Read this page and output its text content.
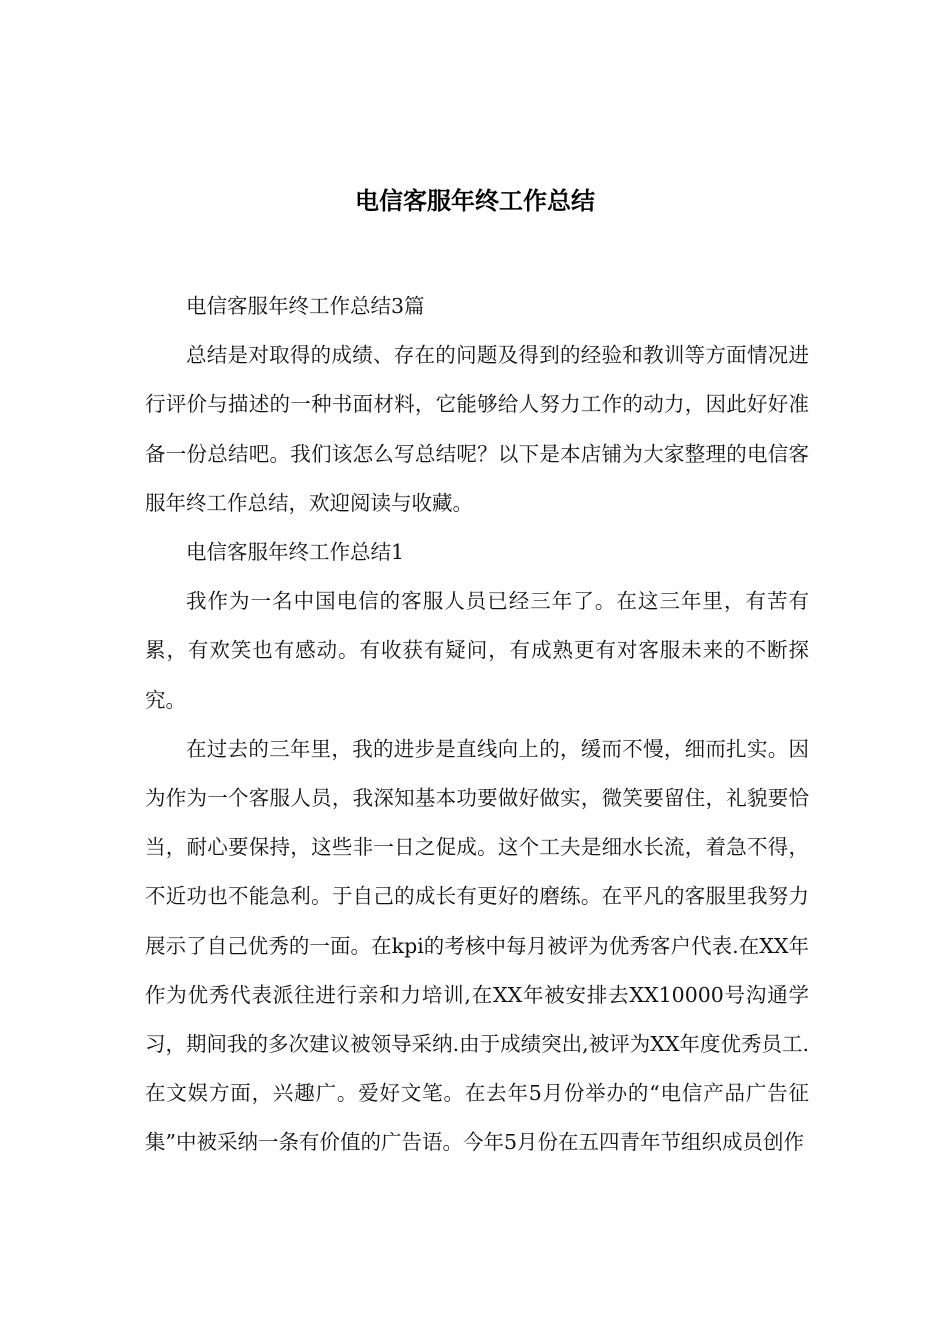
电信客服年终工作总结

电信客服年终工作总结3篇

总结是对取得的成绩、存在的问题及得到的经验和教训等方面情况进行评价与描述的一种书面材料，它能够给人努力工作的动力，因此好好准备一份总结吧。我们该怎么写总结呢？以下是本店铺为大家整理的电信客服年终工作总结，欢迎阅读与收藏。

电信客服年终工作总结1

我作为一名中国电信的客服人员已经三年了。在这三年里，有苦有累，有欢笑也有感动。有收获有疑问，有成熟更有对客服未来的不断探究。

在过去的三年里，我的进步是直线向上的，缓而不慢，细而扎实。因为作为一个客服人员，我深知基本功要做好做实，微笑要留住，礼貌要恰当，耐心要保持，这些非一日之促成。这个工夫是细水长流，着急不得，不近功也不能急利。于自己的成长有更好的磨练。在平凡的客服里我努力展示了自己优秀的一面。在kpi的考核中每月被评为优秀客户代表.在XX年作为优秀代表派往进行亲和力培训,在XX年被安排去XX10000号沟通学习，期间我的多次建议被领导采纳.由于成绩突出,被评为XX年度优秀员工.在文娱方面，兴趣广。爱好文笔。在去年5月份举办的“电信产品广告征集”中被采纳一条有价值的广告语。今年5月份在五四青年节组织成员创作
